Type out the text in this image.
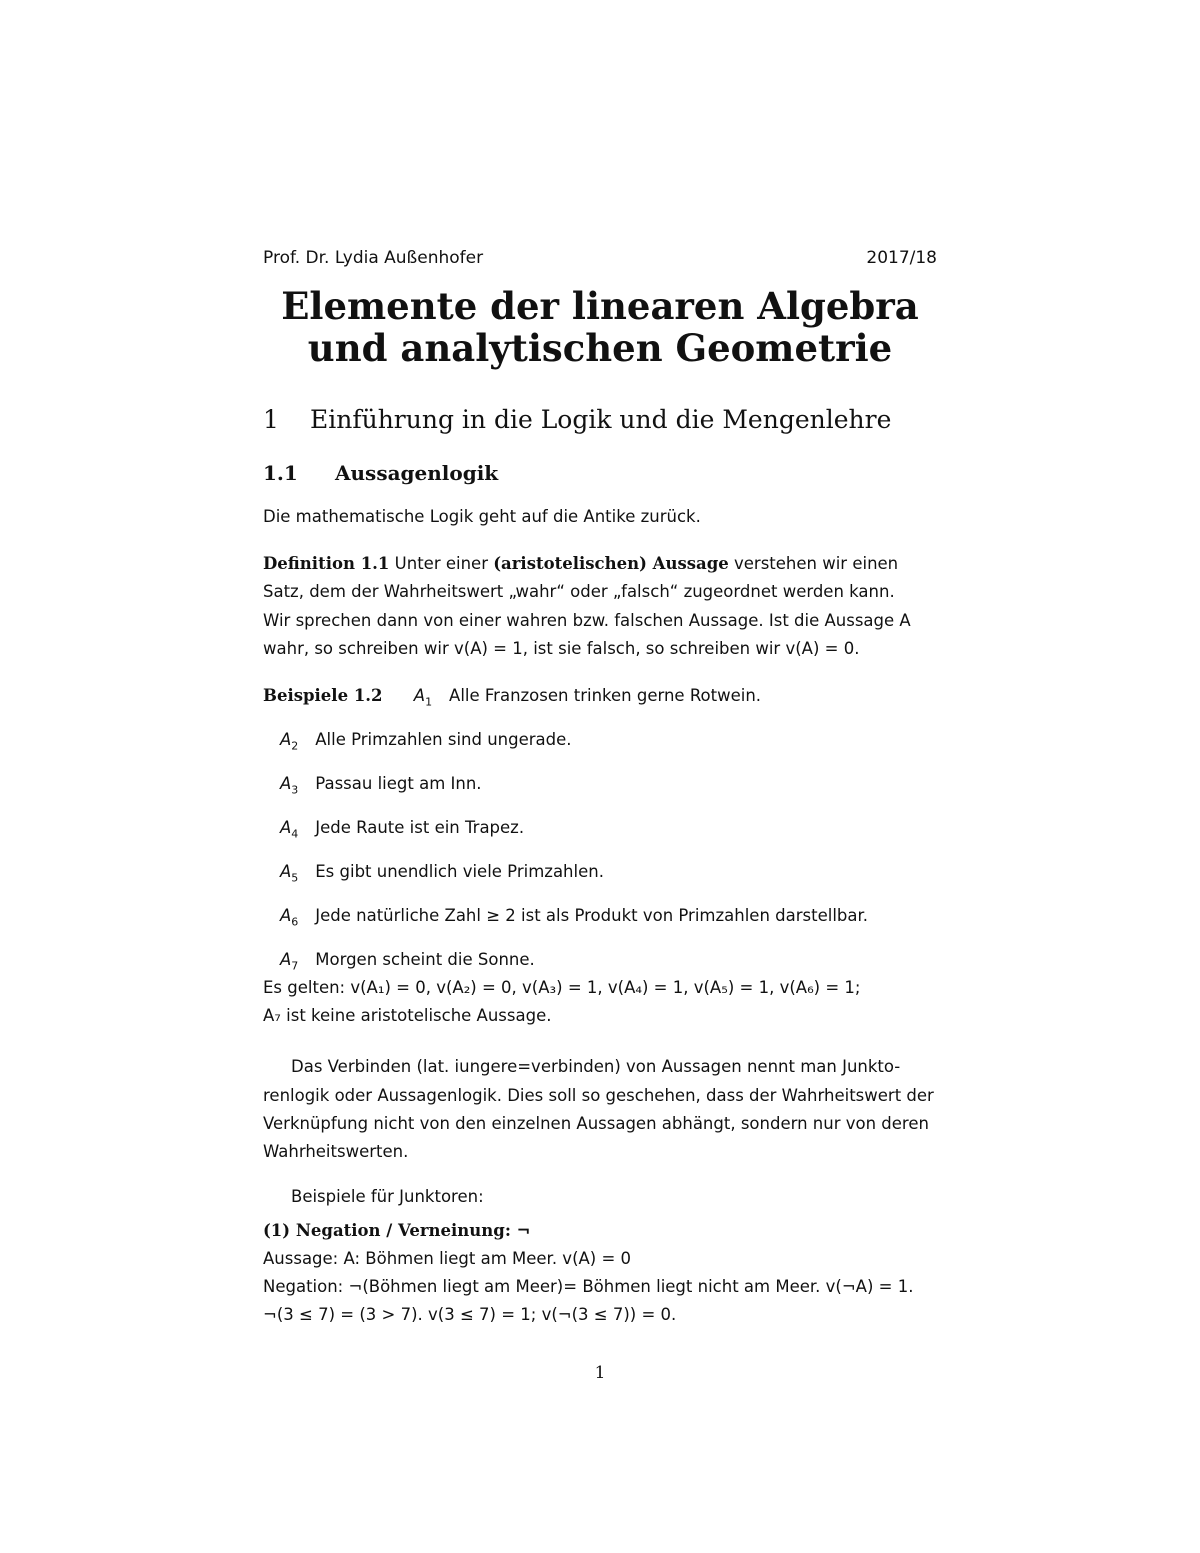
Prof. Dr. Lydia Außenhofer	2017/18
Elemente der linearen Algebra
und analytischen Geometrie
1 Einführung in die Logik und die Mengenlehre
1.1 Aussagenlogik
Die mathematische Logik geht auf die Antike zurück.
Definition 1.1 Unter einer (aristotelischen) Aussage verstehen wir einen
Satz, dem der Wahrheitswert „wahr“ oder „falsch“ zugeordnet werden kann.
Wir sprechen dann von einer wahren bzw. falschen Aussage. Ist die Aussage A
wahr, so schreiben wir v(A) = 1, ist sie falsch, so schreiben wir v(A) = 0.
Beispiele 1.2 $A_1$ Alle Franzosen trinken gerne Rotwein.
$A_2$ Alle Primzahlen sind ungerade.
$A_3$ Passau liegt am Inn.
$A_4$ Jede Raute ist ein Trapez.
$A_5$ Es gibt unendlich viele Primzahlen.
$A_6$ Jede natürliche Zahl ≥ 2 ist als Produkt von Primzahlen darstellbar.
$A_7$ Morgen scheint die Sonne.
Es gelten: v(A₁) = 0, v(A₂) = 0, v(A₃) = 1, v(A₄) = 1, v(A₅) = 1, v(A₆) = 1;
A₇ ist keine aristotelische Aussage.
Das Verbinden (lat. iungere=verbinden) von Aussagen nennt man Junkto-
renlogik oder Aussagenlogik. Dies soll so geschehen, dass der Wahrheitswert der
Verknüpfung nicht von den einzelnen Aussagen abhängt, sondern nur von deren
Wahrheitswerten.
Beispiele für Junktoren:
(1) Negation / Verneinung: ¬
Aussage: A: Böhmen liegt am Meer. v(A) = 0
Negation: ¬(Böhmen liegt am Meer)= Böhmen liegt nicht am Meer. v(¬A) = 1.
¬(3 ≤ 7) = (3 > 7). v(3 ≤ 7) = 1; v(¬(3 ≤ 7)) = 0.
1
